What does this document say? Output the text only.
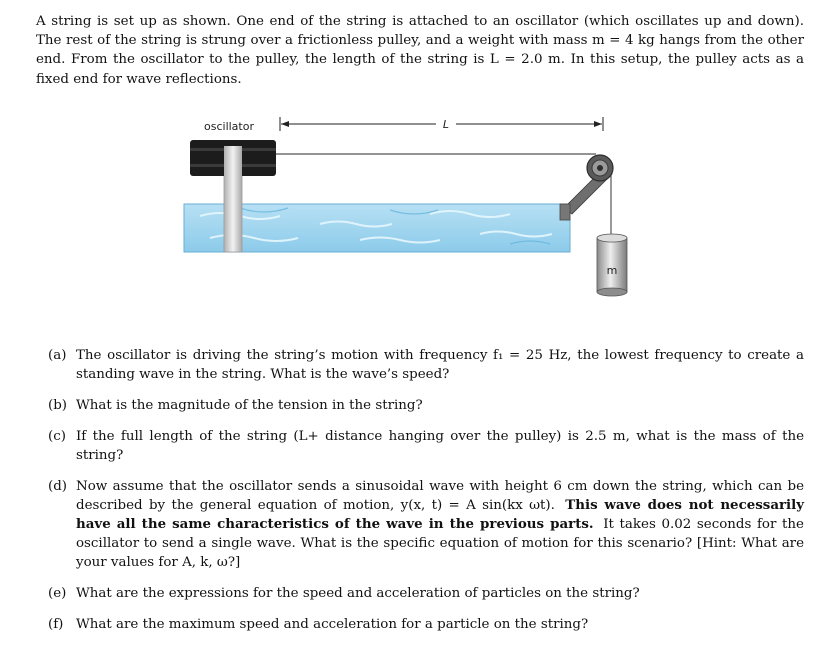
A string is set up as shown. One end of the string is attached to an oscillator (which oscillates up and down). The rest of the string is strung over a frictionless pulley, and a weight with mass m = 4 kg hangs from the other end. From the oscillator to the pulley, the length of the string is L = 2.0 m. In this setup, the pulley acts as a fixed end for wave reflections.
oscillator	L
m
(a) The oscillator is driving the string’s motion with frequency f₁ = 25 Hz, the lowest frequency to create a standing wave in the string. What is the wave’s speed?
(b) What is the magnitude of the tension in the string?
(c) If the full length of the string (L+ distance hanging over the pulley) is 2.5 m, what is the mass of the string?
(d) Now assume that the oscillator sends a sinusoidal wave with height 6 cm down the string, which can be described by the general equation of motion, y(x, t) = A sin(kx ωt). This wave does not necessarily have all the same characteristics of the wave in the previous parts. It takes 0.02 seconds for the oscillator to send a single wave. What is the specific equation of motion for this scenario? [Hint: What are your values for A, k, ω?]
(e) What are the expressions for the speed and acceleration of particles on the string?
(f) What are the maximum speed and acceleration for a particle on the string?
